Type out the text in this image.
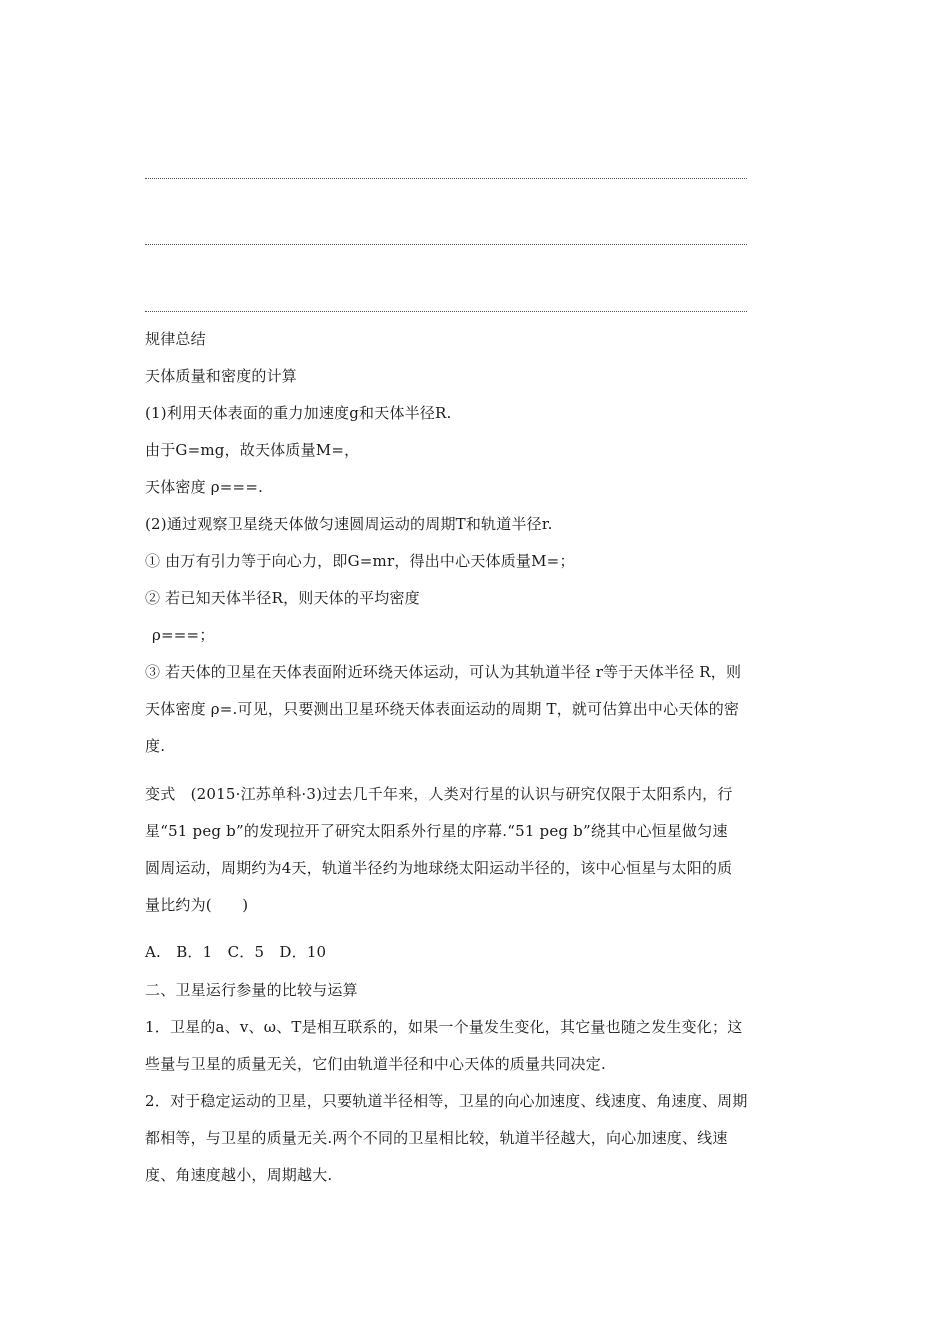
规律总结
天体质量和密度的计算
(1)利用天体表面的重力加速度g和天体半径R.
由于G=mg，故天体质量M=，
天体密度 ρ===.
(2)通过观察卫星绕天体做匀速圆周运动的周期T和轨道半径r.
① 由万有引力等于向心力，即G=mr，得出中心天体质量M=；
② 若已知天体半径R，则天体的平均密度
ρ===；
③ 若天体的卫星在天体表面附近环绕天体运动，可认为其轨道半径 r等于天体半径 R，则
天体密度 ρ=.可见，只要测出卫星环绕天体表面运动的周期 T，就可估算出中心天体的密
度.
变式　(2015·江苏单科·3)过去几千年来，人类对行星的认识与研究仅限于太阳系内，行
星“51 peg b”的发现拉开了研究太阳系外行星的序幕.“51 peg b”绕其中心恒星做匀速
圆周运动，周期约为4天，轨道半径约为地球绕太阳运动半径的，该中心恒星与太阳的质
量比约为(　　)
A.　B．1　C．5　D．10
二、卫星运行参量的比较与运算
1．卫星的a、v、ω、T是相互联系的，如果一个量发生变化，其它量也随之发生变化；这
些量与卫星的质量无关，它们由轨道半径和中心天体的质量共同决定.
2．对于稳定运动的卫星，只要轨道半径相等，卫星的向心加速度、线速度、角速度、周期
都相等，与卫星的质量无关.两个不同的卫星相比较，轨道半径越大，向心加速度、线速
度、角速度越小，周期越大.
